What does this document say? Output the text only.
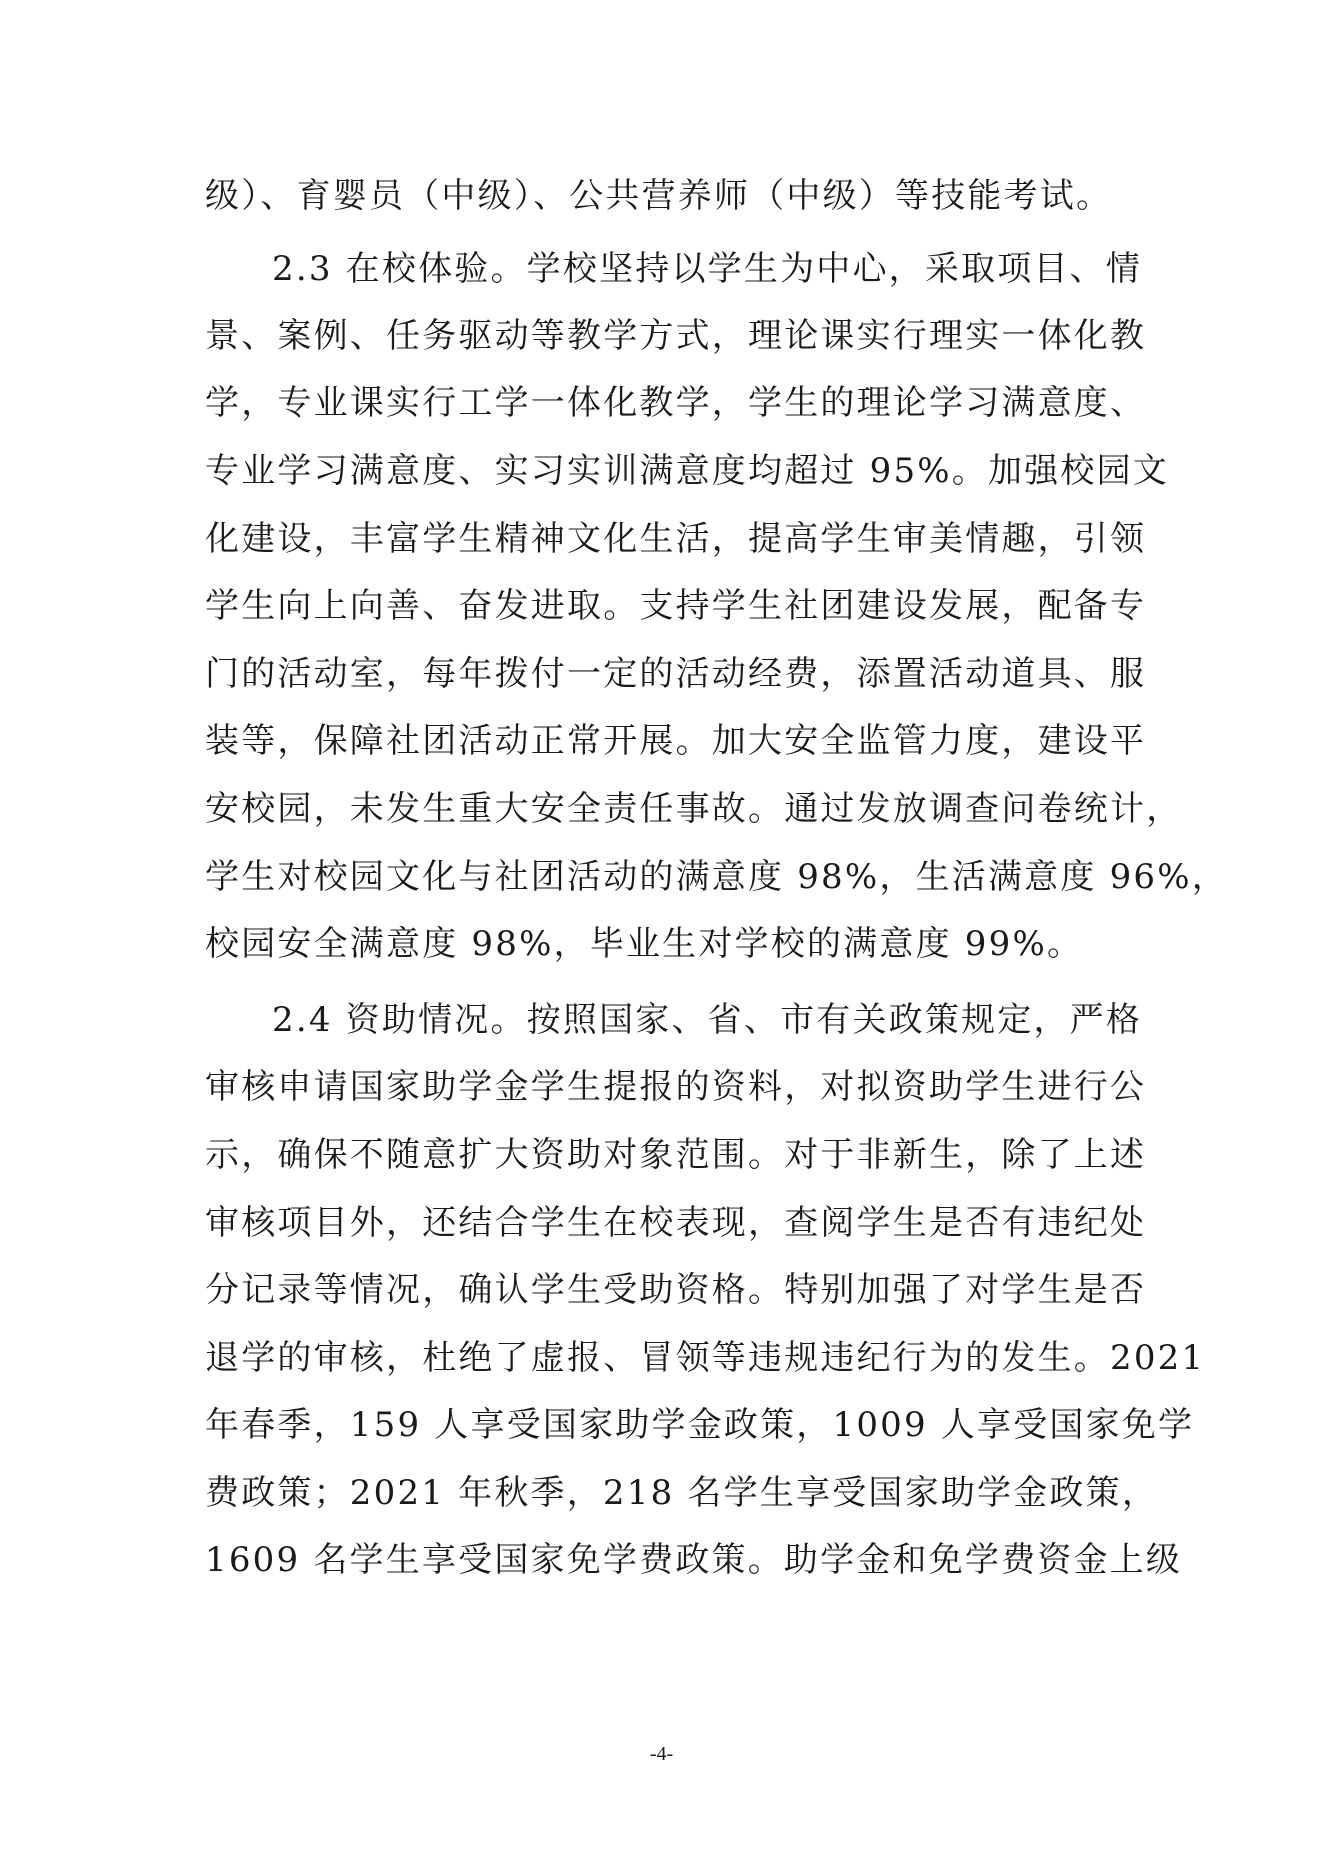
级）、育婴员（中级）、公共营养师（中级）等技能考试。
2.3 在校体验。学校坚持以学生为中心，采取项目、情
景、案例、任务驱动等教学方式，理论课实行理实一体化教
学，专业课实行工学一体化教学，学生的理论学习满意度、
专业学习满意度、实习实训满意度均超过 95%。加强校园文
化建设，丰富学生精神文化生活，提高学生审美情趣，引领
学生向上向善、奋发进取。支持学生社团建设发展，配备专
门的活动室，每年拨付一定的活动经费，添置活动道具、服
装等，保障社团活动正常开展。加大安全监管力度，建设平
安校园，未发生重大安全责任事故。通过发放调查问卷统计，
学生对校园文化与社团活动的满意度 98%，生活满意度 96%，
校园安全满意度 98%，毕业生对学校的满意度 99%。
2.4 资助情况。按照国家、省、市有关政策规定，严格
审核申请国家助学金学生提报的资料，对拟资助学生进行公
示，确保不随意扩大资助对象范围。对于非新生，除了上述
审核项目外，还结合学生在校表现，查阅学生是否有违纪处
分记录等情况，确认学生受助资格。特别加强了对学生是否
退学的审核，杜绝了虚报、冒领等违规违纪行为的发生。2021
年春季，159 人享受国家助学金政策，1009 人享受国家免学
费政策；2021 年秋季，218 名学生享受国家助学金政策，
1609 名学生享受国家免学费政策。助学金和免学费资金上级
-4-
